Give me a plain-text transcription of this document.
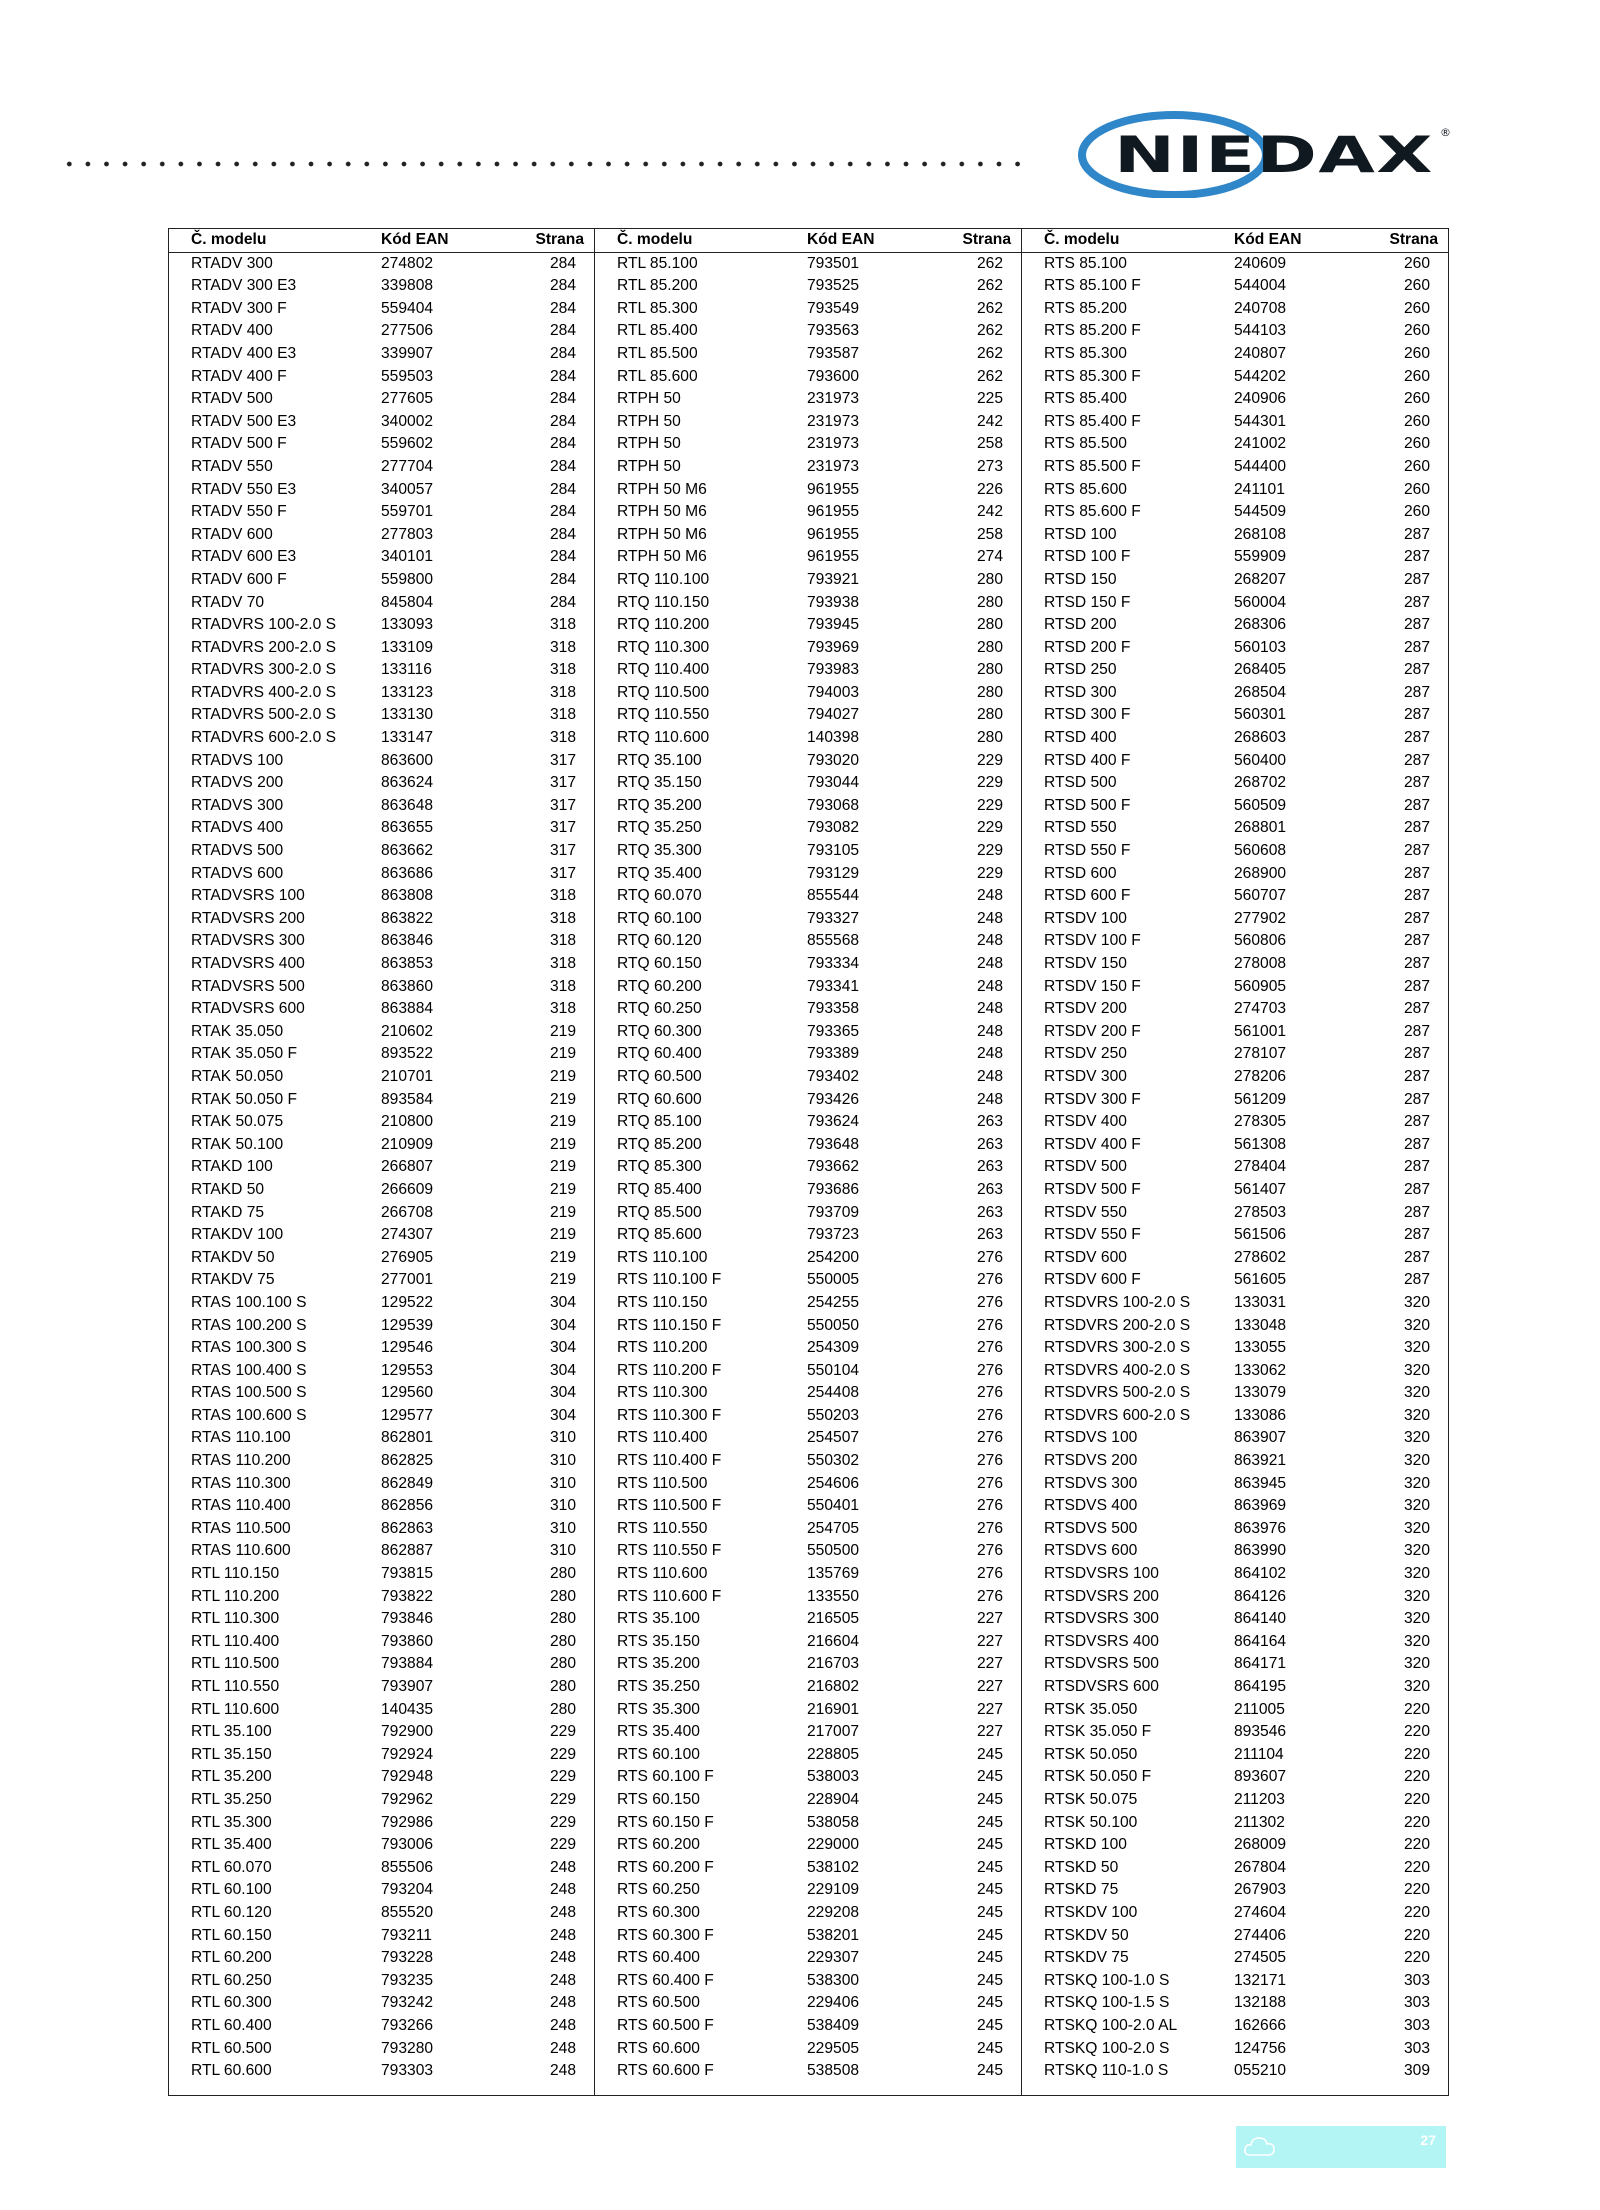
NIEDAX ®
Č. modelu	Kód EAN	Strana
RTADV 300	274802	284
RTADV 300 E3	339808	284
RTADV 300 F	559404	284
RTADV 400	277506	284
RTADV 400 E3	339907	284
RTADV 400 F	559503	284
RTADV 500	277605	284
RTADV 500 E3	340002	284
RTADV 500 F	559602	284
RTADV 550	277704	284
RTADV 550 E3	340057	284
RTADV 550 F	559701	284
RTADV 600	277803	284
RTADV 600 E3	340101	284
RTADV 600 F	559800	284
RTADV 70	845804	284
RTADVRS 100-2.0 S	133093	318
RTADVRS 200-2.0 S	133109	318
RTADVRS 300-2.0 S	133116	318
RTADVRS 400-2.0 S	133123	318
RTADVRS 500-2.0 S	133130	318
RTADVRS 600-2.0 S	133147	318
RTADVS 100	863600	317
RTADVS 200	863624	317
RTADVS 300	863648	317
RTADVS 400	863655	317
RTADVS 500	863662	317
RTADVS 600	863686	317
RTADVSRS 100	863808	318
RTADVSRS 200	863822	318
RTADVSRS 300	863846	318
RTADVSRS 400	863853	318
RTADVSRS 500	863860	318
RTADVSRS 600	863884	318
RTAK 35.050	210602	219
RTAK 35.050 F	893522	219
RTAK 50.050	210701	219
RTAK 50.050 F	893584	219
RTAK 50.075	210800	219
RTAK 50.100	210909	219
RTAKD 100	266807	219
RTAKD 50	266609	219
RTAKD 75	266708	219
RTAKDV 100	274307	219
RTAKDV 50	276905	219
RTAKDV 75	277001	219
RTAS 100.100 S	129522	304
RTAS 100.200 S	129539	304
RTAS 100.300 S	129546	304
RTAS 100.400 S	129553	304
RTAS 100.500 S	129560	304
RTAS 100.600 S	129577	304
RTAS 110.100	862801	310
RTAS 110.200	862825	310
RTAS 110.300	862849	310
RTAS 110.400	862856	310
RTAS 110.500	862863	310
RTAS 110.600	862887	310
RTL 110.150	793815	280
RTL 110.200	793822	280
RTL 110.300	793846	280
RTL 110.400	793860	280
RTL 110.500	793884	280
RTL 110.550	793907	280
RTL 110.600	140435	280
RTL 35.100	792900	229
RTL 35.150	792924	229
RTL 35.200	792948	229
RTL 35.250	792962	229
RTL 35.300	792986	229
RTL 35.400	793006	229
RTL 60.070	855506	248
RTL 60.100	793204	248
RTL 60.120	855520	248
RTL 60.150	793211	248
RTL 60.200	793228	248
RTL 60.250	793235	248
RTL 60.300	793242	248
RTL 60.400	793266	248
RTL 60.500	793280	248
RTL 60.600	793303	248

Č. modelu	Kód EAN	Strana
RTL 85.100	793501	262
RTL 85.200	793525	262
RTL 85.300	793549	262
RTL 85.400	793563	262
RTL 85.500	793587	262
RTL 85.600	793600	262
RTPH 50	231973	225
RTPH 50	231973	242
RTPH 50	231973	258
RTPH 50	231973	273
RTPH 50 M6	961955	226
RTPH 50 M6	961955	242
RTPH 50 M6	961955	258
RTPH 50 M6	961955	274
RTQ 110.100	793921	280
RTQ 110.150	793938	280
RTQ 110.200	793945	280
RTQ 110.300	793969	280
RTQ 110.400	793983	280
RTQ 110.500	794003	280
RTQ 110.550	794027	280
RTQ 110.600	140398	280
RTQ 35.100	793020	229
RTQ 35.150	793044	229
RTQ 35.200	793068	229
RTQ 35.250	793082	229
RTQ 35.300	793105	229
RTQ 35.400	793129	229
RTQ 60.070	855544	248
RTQ 60.100	793327	248
RTQ 60.120	855568	248
RTQ 60.150	793334	248
RTQ 60.200	793341	248
RTQ 60.250	793358	248
RTQ 60.300	793365	248
RTQ 60.400	793389	248
RTQ 60.500	793402	248
RTQ 60.600	793426	248
RTQ 85.100	793624	263
RTQ 85.200	793648	263
RTQ 85.300	793662	263
RTQ 85.400	793686	263
RTQ 85.500	793709	263
RTQ 85.600	793723	263
RTS 110.100	254200	276
RTS 110.100 F	550005	276
RTS 110.150	254255	276
RTS 110.150 F	550050	276
RTS 110.200	254309	276
RTS 110.200 F	550104	276
RTS 110.300	254408	276
RTS 110.300 F	550203	276
RTS 110.400	254507	276
RTS 110.400 F	550302	276
RTS 110.500	254606	276
RTS 110.500 F	550401	276
RTS 110.550	254705	276
RTS 110.550 F	550500	276
RTS 110.600	135769	276
RTS 110.600 F	133550	276
RTS 35.100	216505	227
RTS 35.150	216604	227
RTS 35.200	216703	227
RTS 35.250	216802	227
RTS 35.300	216901	227
RTS 35.400	217007	227
RTS 60.100	228805	245
RTS 60.100 F	538003	245
RTS 60.150	228904	245
RTS 60.150 F	538058	245
RTS 60.200	229000	245
RTS 60.200 F	538102	245
RTS 60.250	229109	245
RTS 60.300	229208	245
RTS 60.300 F	538201	245
RTS 60.400	229307	245
RTS 60.400 F	538300	245
RTS 60.500	229406	245
RTS 60.500 F	538409	245
RTS 60.600	229505	245
RTS 60.600 F	538508	245

Č. modelu	Kód EAN	Strana
RTS 85.100	240609	260
RTS 85.100 F	544004	260
RTS 85.200	240708	260
RTS 85.200 F	544103	260
RTS 85.300	240807	260
RTS 85.300 F	544202	260
RTS 85.400	240906	260
RTS 85.400 F	544301	260
RTS 85.500	241002	260
RTS 85.500 F	544400	260
RTS 85.600	241101	260
RTS 85.600 F	544509	260
RTSD 100	268108	287
RTSD 100 F	559909	287
RTSD 150	268207	287
RTSD 150 F	560004	287
RTSD 200	268306	287
RTSD 200 F	560103	287
RTSD 250	268405	287
RTSD 300	268504	287
RTSD 300 F	560301	287
RTSD 400	268603	287
RTSD 400 F	560400	287
RTSD 500	268702	287
RTSD 500 F	560509	287
RTSD 550	268801	287
RTSD 550 F	560608	287
RTSD 600	268900	287
RTSD 600 F	560707	287
RTSDV 100	277902	287
RTSDV 100 F	560806	287
RTSDV 150	278008	287
RTSDV 150 F	560905	287
RTSDV 200	274703	287
RTSDV 200 F	561001	287
RTSDV 250	278107	287
RTSDV 300	278206	287
RTSDV 300 F	561209	287
RTSDV 400	278305	287
RTSDV 400 F	561308	287
RTSDV 500	278404	287
RTSDV 500 F	561407	287
RTSDV 550	278503	287
RTSDV 550 F	561506	287
RTSDV 600	278602	287
RTSDV 600 F	561605	287
RTSDVRS 100-2.0 S	133031	320
RTSDVRS 200-2.0 S	133048	320
RTSDVRS 300-2.0 S	133055	320
RTSDVRS 400-2.0 S	133062	320
RTSDVRS 500-2.0 S	133079	320
RTSDVRS 600-2.0 S	133086	320
RTSDVS 100	863907	320
RTSDVS 200	863921	320
RTSDVS 300	863945	320
RTSDVS 400	863969	320
RTSDVS 500	863976	320
RTSDVS 600	863990	320
RTSDVSRS 100	864102	320
RTSDVSRS 200	864126	320
RTSDVSRS 300	864140	320
RTSDVSRS 400	864164	320
RTSDVSRS 500	864171	320
RTSDVSRS 600	864195	320
RTSK 35.050	211005	220
RTSK 35.050 F	893546	220
RTSK 50.050	211104	220
RTSK 50.050 F	893607	220
RTSK 50.075	211203	220
RTSK 50.100	211302	220
RTSKD 100	268009	220
RTSKD 50	267804	220
RTSKD 75	267903	220
RTSKDV 100	274604	220
RTSKDV 50	274406	220
RTSKDV 75	274505	220
RTSKQ 100-1.0 S	132171	303
RTSKQ 100-1.5 S	132188	303
RTSKQ 100-2.0 AL	162666	303
RTSKQ 100-2.0 S	124756	303
RTSKQ 110-1.0 S	055210	309

27
